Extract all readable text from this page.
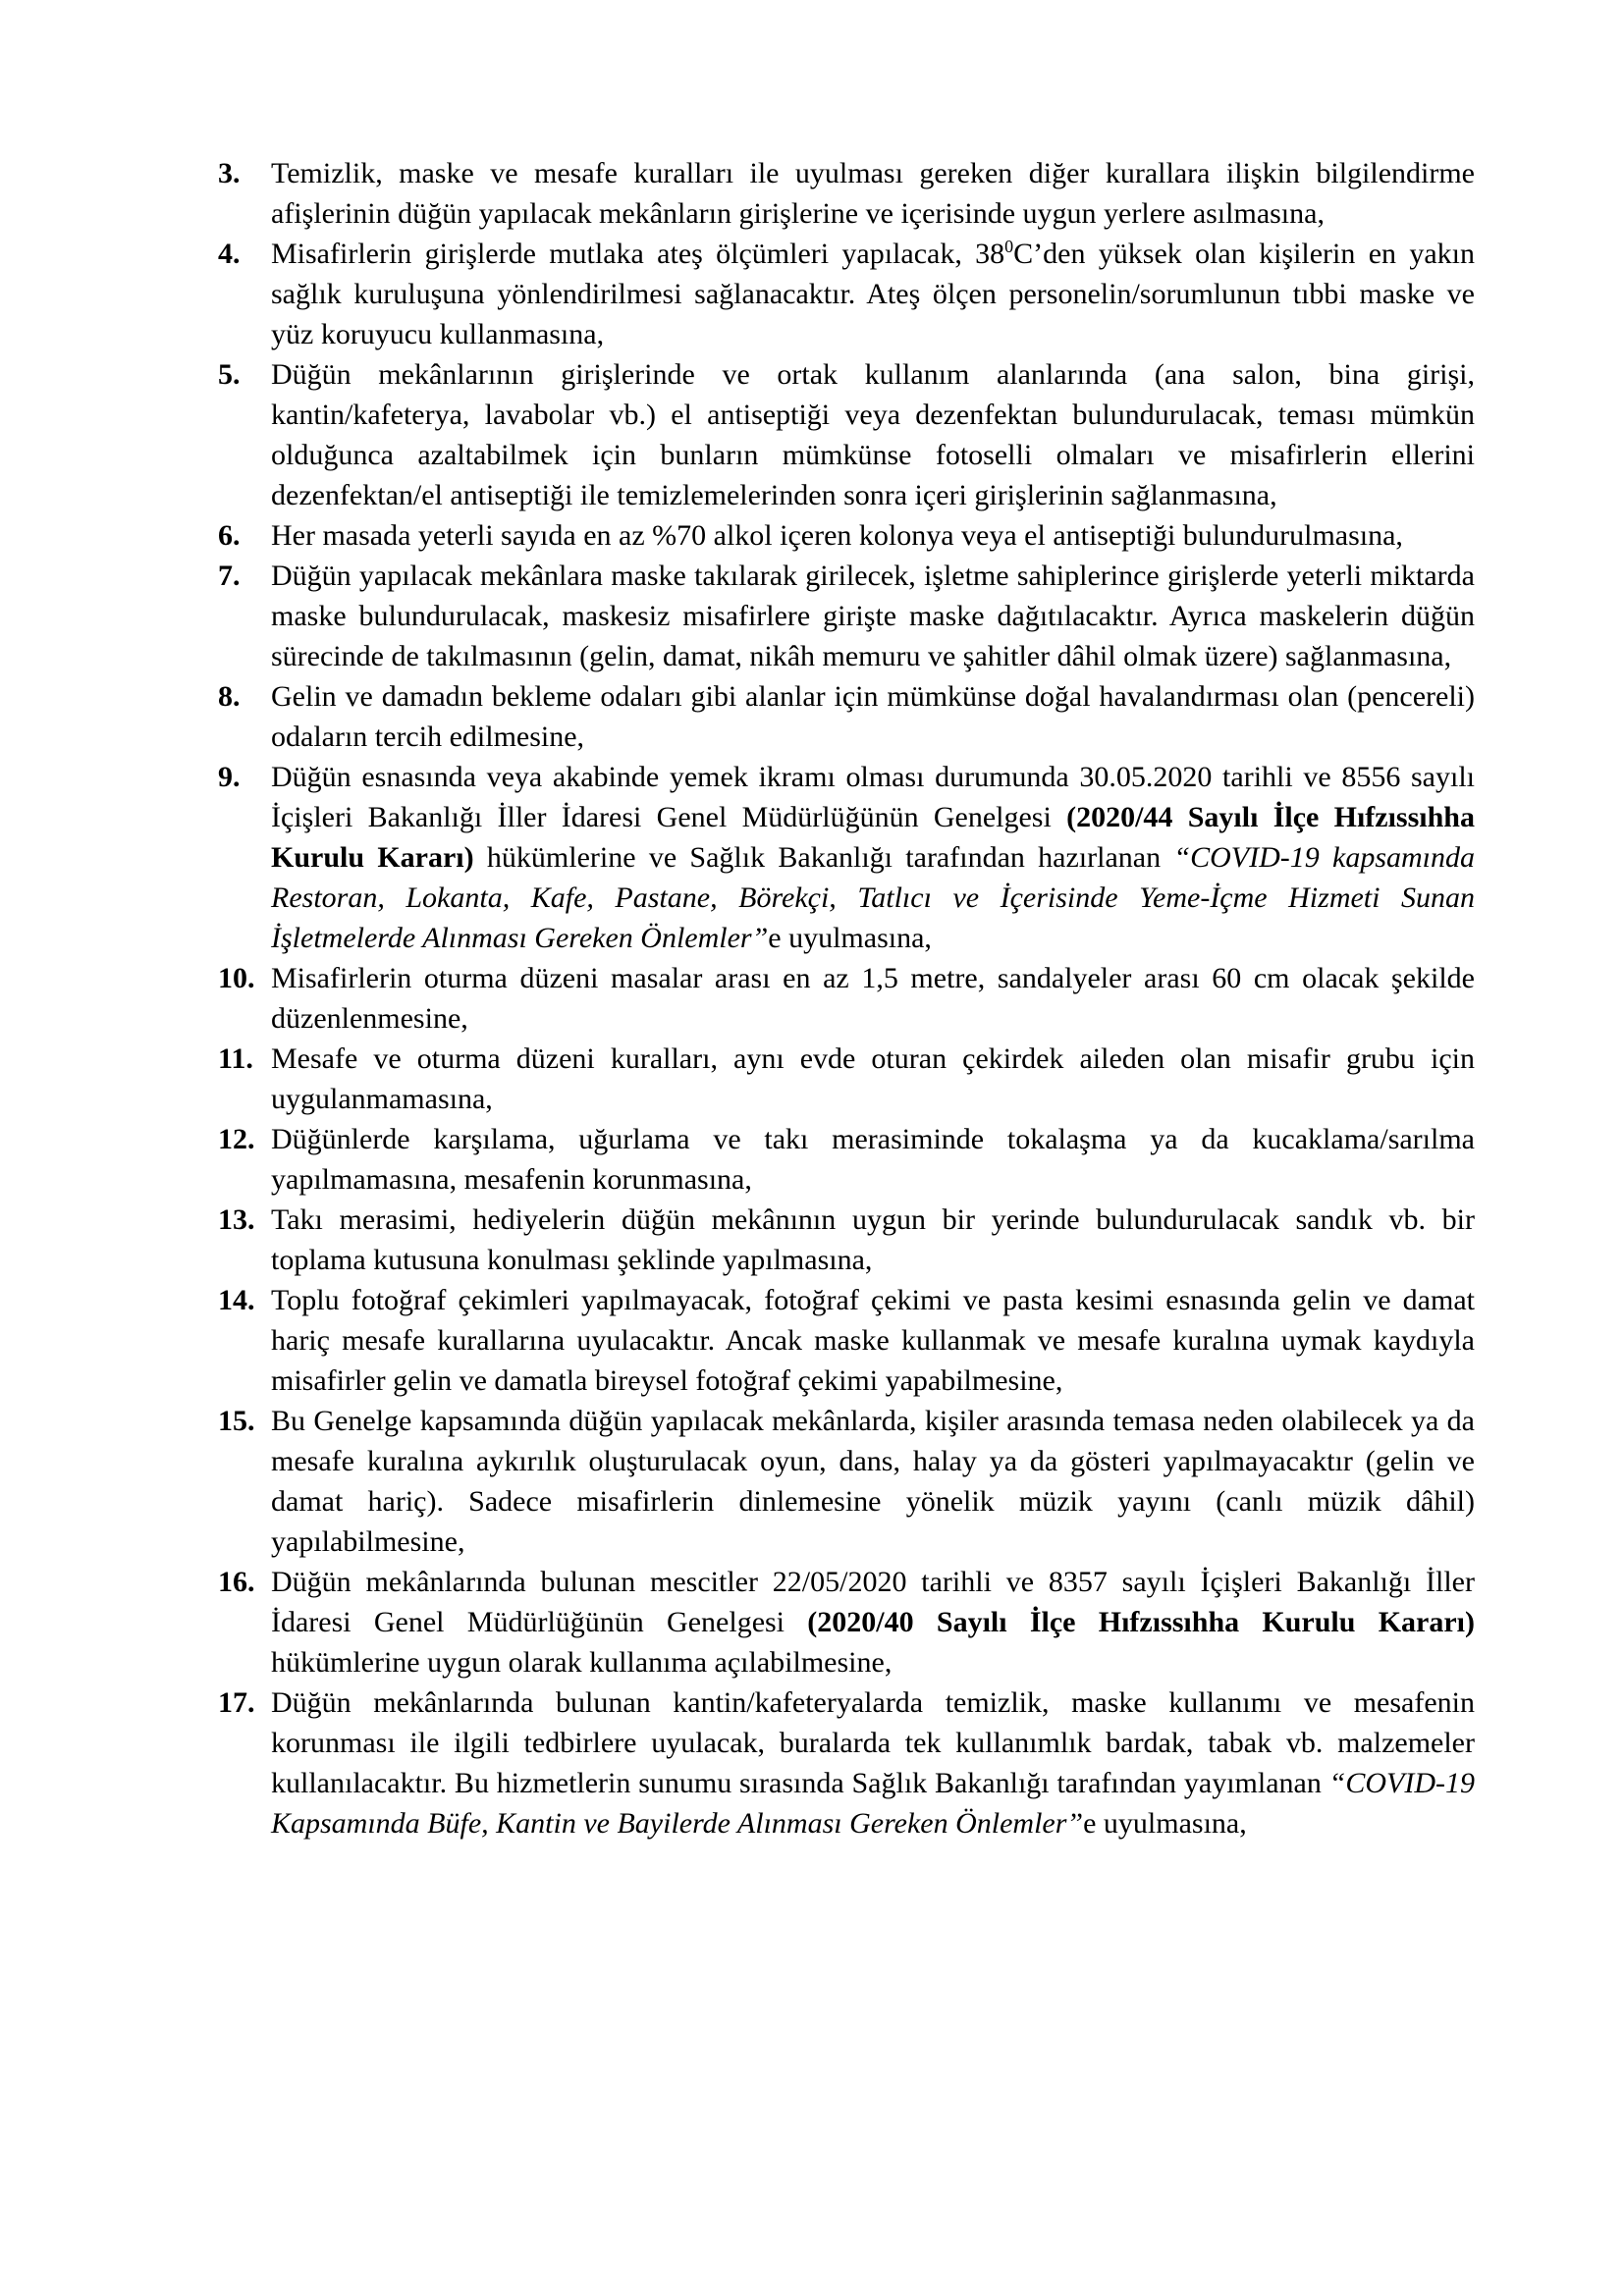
3.	Temizlik, maske ve mesafe kuralları ile uyulması gereken diğer kurallara ilişkin bilgilendirme afişlerinin düğün yapılacak mekânların girişlerine ve içerisinde uygun yerlere asılmasına,
4.	Misafirlerin girişlerde mutlaka ateş ölçümleri yapılacak, $38^0C’den$ yüksek olan kişilerin en yakın sağlık kuruluşuna yönlendirilmesi sağlanacaktır. Ateş ölçen personelin/sorumlunun tıbbi maske ve yüz koruyucu kullanmasına,
5.	Düğün mekânlarının girişlerinde ve ortak kullanım alanlarında (ana salon, bina girişi, kantin/kafeterya, lavabolar vb.) el antiseptiği veya dezenfektan bulundurulacak, teması mümkün olduğunca azaltabilmek için bunların mümkünse fotoselli olmaları ve misafirlerin ellerini dezenfektan/el antiseptiği ile temizlemelerinden sonra içeri girişlerinin sağlanmasına,
6.	Her masada yeterli sayıda en az %70 alkol içeren kolonya veya el antiseptiği bulundurulmasına,
7.	Düğün yapılacak mekânlara maske takılarak girilecek, işletme sahiplerince girişlerde yeterli miktarda maske bulundurulacak, maskesiz misafirlere girişte maske dağıtılacaktır. Ayrıca maskelerin düğün sürecinde de takılmasının (gelin, damat, nikâh memuru ve şahitler dâhil olmak üzere) sağlanmasına,
8.	Gelin ve damadın bekleme odaları gibi alanlar için mümkünse doğal havalandırması olan (pencereli) odaların tercih edilmesine,
9.	Düğün esnasında veya akabinde yemek ikramı olması durumunda 30.05.2020 tarihli ve 8556 sayılı İçişleri Bakanlığı İller İdaresi Genel Müdürlüğünün Genelgesi (2020/44 Sayılı İlçe Hıfzıssıhha Kurulu Kararı) hükümlerine ve Sağlık Bakanlığı tarafından hazırlanan “COVID-19 kapsamında Restoran, Lokanta, Kafe, Pastane, Börekçi, Tatlıcı ve İçerisinde Yeme-İçme Hizmeti Sunan İşletmelerde Alınması Gereken Önlemler”e uyulmasına,
10. Misafirlerin oturma düzeni masalar arası en az 1,5 metre, sandalyeler arası 60 cm olacak şekilde düzenlenmesine,
11. Mesafe ve oturma düzeni kuralları, aynı evde oturan çekirdek aileden olan misafir grubu için uygulanmamasına,
12. Düğünlerde karşılama, uğurlama ve takı merasiminde tokalaşma ya da kucaklama/sarılma yapılmamasına, mesafenin korunmasına,
13. Takı merasimi, hediyelerin düğün mekânının uygun bir yerinde bulundurulacak sandık vb. bir toplama kutusuna konulması şeklinde yapılmasına,
14. Toplu fotoğraf çekimleri yapılmayacak, fotoğraf çekimi ve pasta kesimi esnasında gelin ve damat hariç mesafe kurallarına uyulacaktır. Ancak maske kullanmak ve mesafe kuralına uymak kaydıyla misafirler gelin ve damatla bireysel fotoğraf çekimi yapabilmesine,
15. Bu Genelge kapsamında düğün yapılacak mekânlarda, kişiler arasında temasa neden olabilecek ya da mesafe kuralına aykırılık oluşturulacak oyun, dans, halay ya da gösteri yapılmayacaktır (gelin ve damat hariç). Sadece misafirlerin dinlemesine yönelik müzik yayını (canlı müzik dâhil) yapılabilmesine,
16. Düğün mekânlarında bulunan mescitler 22/05/2020 tarihli ve 8357 sayılı İçişleri Bakanlığı İller İdaresi Genel Müdürlüğünün Genelgesi (2020/40 Sayılı İlçe Hıfzıssıhha Kurulu Kararı) hükümlerine uygun olarak kullanıma açılabilmesine,
17. Düğün mekânlarında bulunan kantin/kafeteryalarda temizlik, maske kullanımı ve mesafenin korunması ile ilgili tedbirlere uyulacak, buralarda tek kullanımlık bardak, tabak vb. malzemeler kullanılacaktır. Bu hizmetlerin sunumu sırasında Sağlık Bakanlığı tarafından yayımlanan “COVID-19 Kapsamında Büfe, Kantin ve Bayilerde Alınması Gereken Önlemler”e uyulmasına,
